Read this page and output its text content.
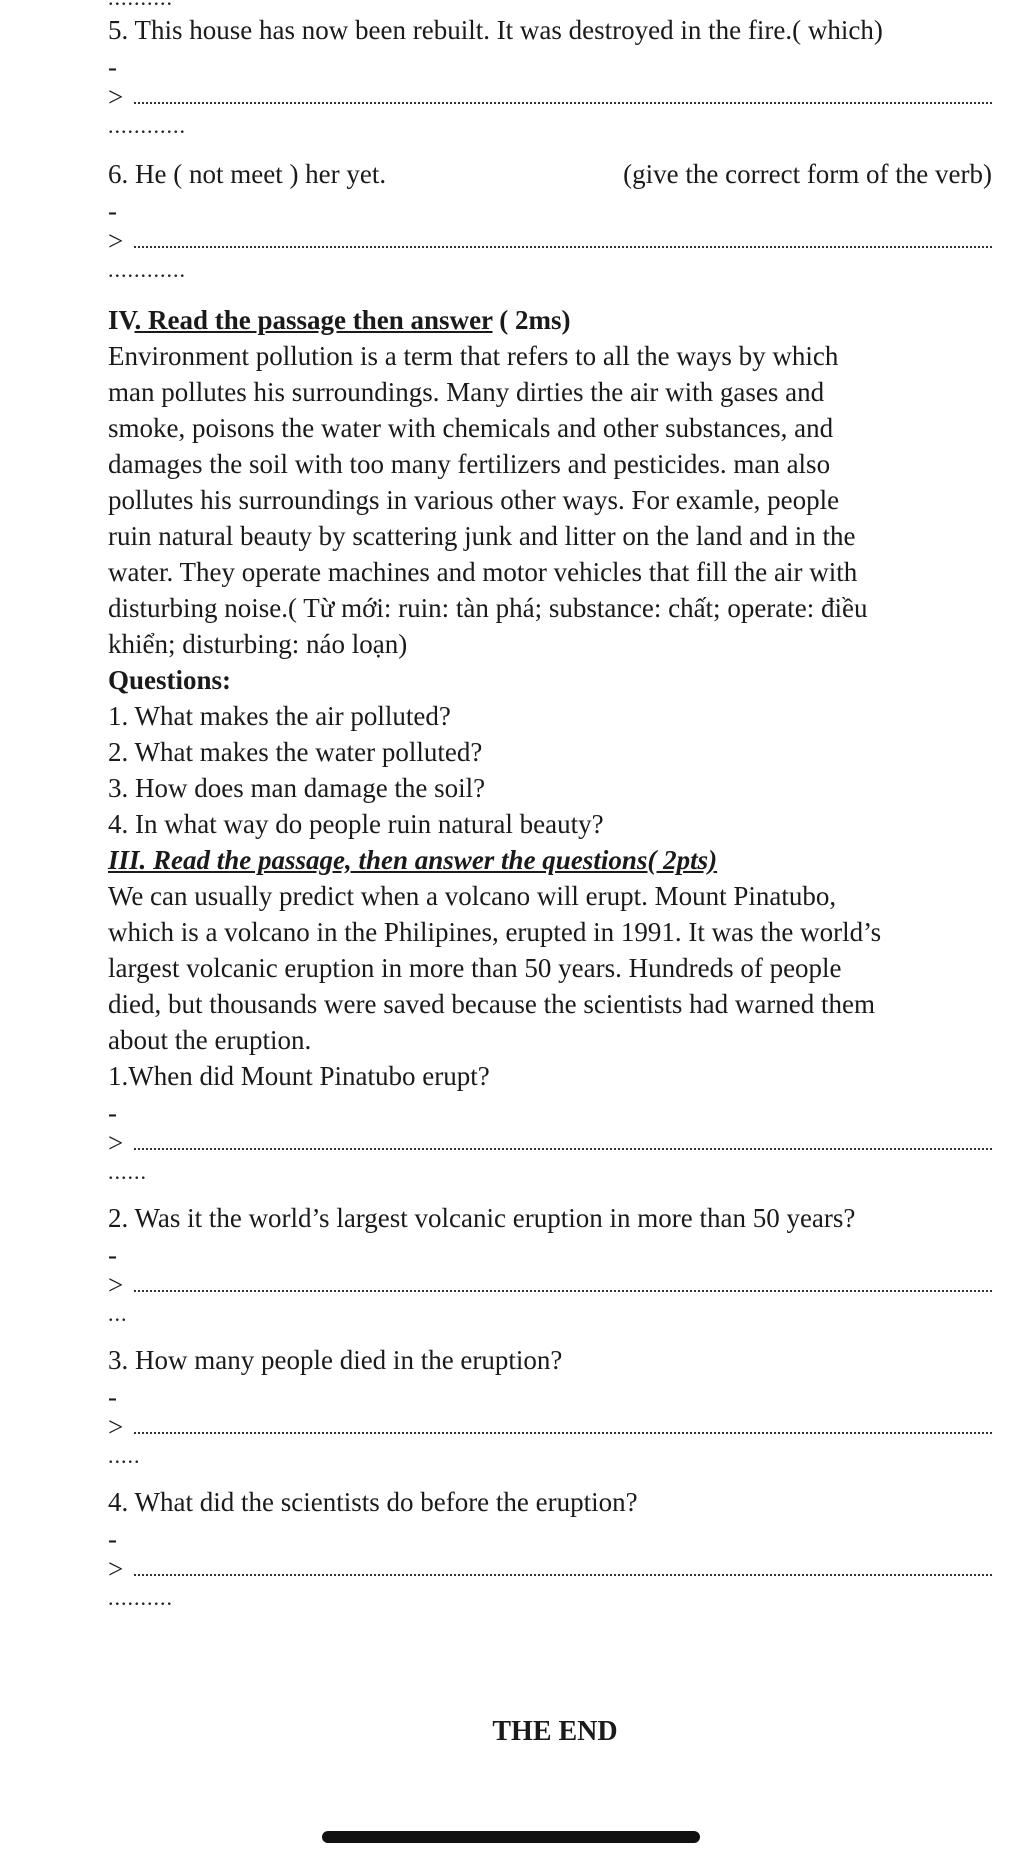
5. This house has now been rebuilt. It was destroyed in the fire.( which)
-
>
............
6. He ( not meet ) her yet.	(give the correct form of the verb)
-
>
............
IV. Read the passage then answer ( 2ms)
Environment pollution is a term that refers to all the ways by which
man pollutes his surroundings. Many dirties the air with gases and
smoke, poisons the water with chemicals and other substances, and
damages the soil with too many fertilizers and pesticides. man also
pollutes his surroundings in various other ways. For examle, people
ruin natural beauty by scattering junk and litter on the land and in the
water. They operate machines and motor vehicles that fill the air with
disturbing noise.( Từ mới: ruin: tàn phá; substance: chất; operate: điều
khiển; disturbing: náo loạn)
Questions:
1. What makes the air polluted?
2. What makes the water polluted?
3. How does man damage the soil?
4. In what way do people ruin natural beauty?
III. Read the passage, then answer the questions( 2pts)
We can usually predict when a volcano will erupt. Mount Pinatubo,
which is a volcano in the Philipines, erupted in 1991. It was the world’s
largest volcanic eruption in more than 50 years. Hundreds of people
died, but thousands were saved because the scientists had warned them
about the eruption.
1.When did Mount Pinatubo erupt?
-
>
......
2. Was it the world’s largest volcanic eruption in more than 50 years?
-
>
...
3. How many people died in the eruption?
-
>
.....
4. What did the scientists do before the eruption?
-
>
..........
THE END
